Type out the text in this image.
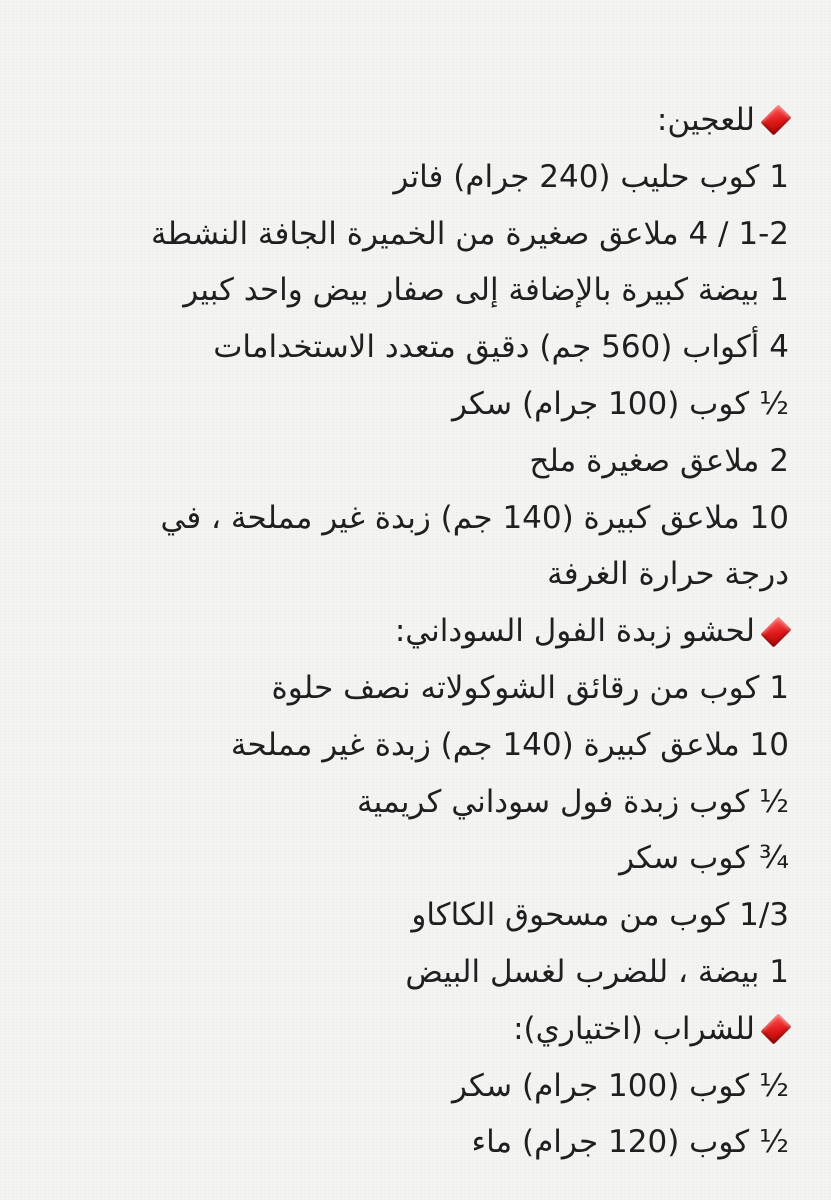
للعجين:
1 كوب حليب (240 جرام) فاتر
1-2 / 4 ملاعق صغيرة من الخميرة الجافة النشطة
1 بيضة كبيرة بالإضافة إلى صفار بيض واحد كبير
4 أكواب (560 جم) دقيق متعدد الاستخدامات
½ كوب (100 جرام) سكر
2 ملاعق صغيرة ملح
10 ملاعق كبيرة (140 جم) زبدة غير مملحة ، في
درجة حرارة الغرفة
لحشو زبدة الفول السوداني:
1 كوب من رقائق الشوكولاته نصف حلوة
10 ملاعق كبيرة (140 جم) زبدة غير مملحة
½ كوب زبدة فول سوداني كريمية
¾ كوب سكر
1/3 كوب من مسحوق الكاكاو
1 بيضة ، للضرب لغسل البيض
للشراب (اختياري):
½ كوب (100 جرام) سكر
½ كوب (120 جرام) ماء
